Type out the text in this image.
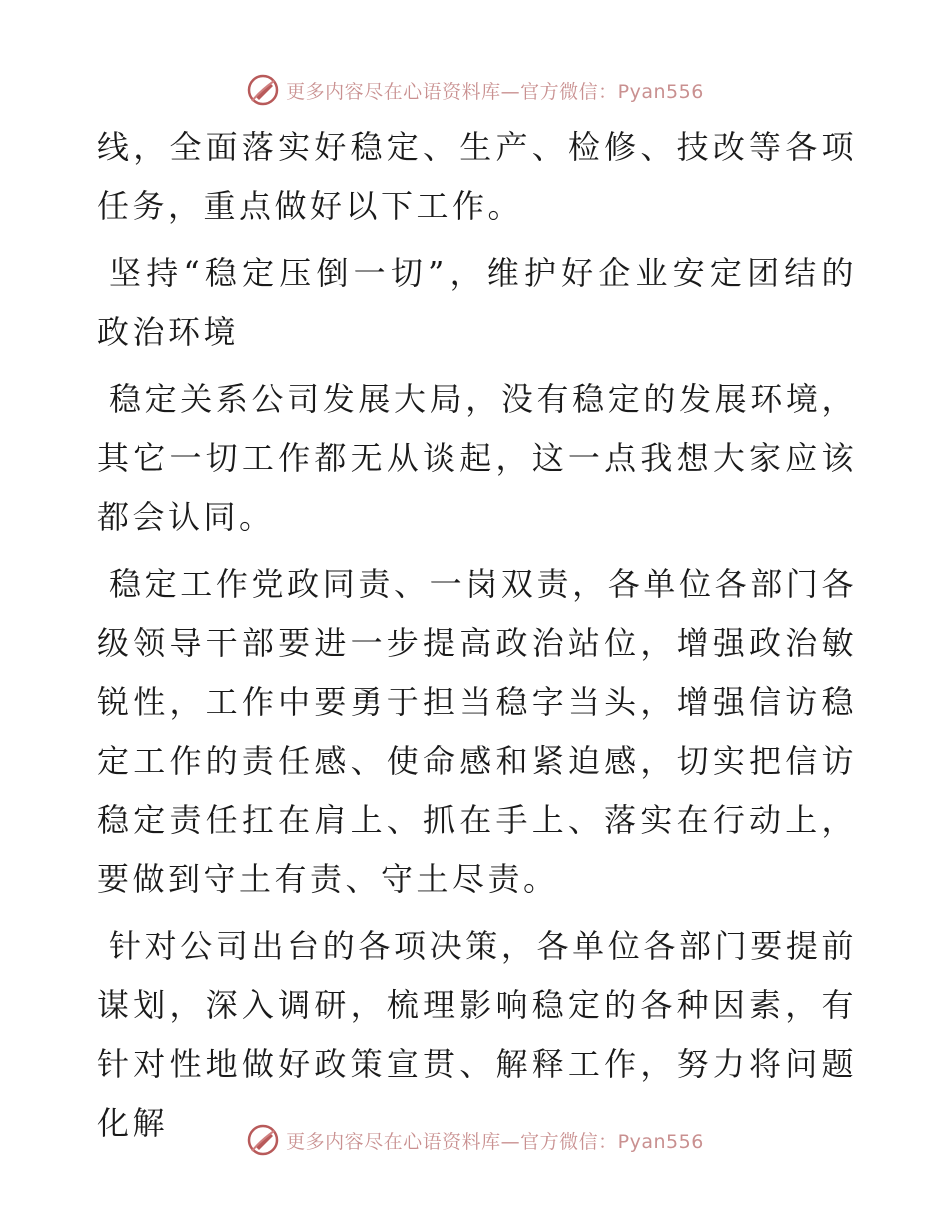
更多内容尽在心语资料库—官方微信：Pyan556

线，全面落实好稳定、生产、检修、技改等各项任务，重点做好以下工作。

坚持“稳定压倒一切”，维护好企业安定团结的政治环境

稳定关系公司发展大局，没有稳定的发展环境，其它一切工作都无从谈起，这一点我想大家应该都会认同。

稳定工作党政同责、一岗双责，各单位各部门各级领导干部要进一步提高政治站位，增强政治敏锐性，工作中要勇于担当稳字当头，增强信访稳定工作的责任感、使命感和紧迫感，切实把信访稳定责任扛在肩上、抓在手上、落实在行动上，要做到守土有责、守土尽责。

针对公司出台的各项决策，各单位各部门要提前谋划，深入调研，梳理影响稳定的各种因素，有针对性地做好政策宣贯、解释工作，努力将问题化解	更多内容尽在心语资料库—官方微信：Pyan556
